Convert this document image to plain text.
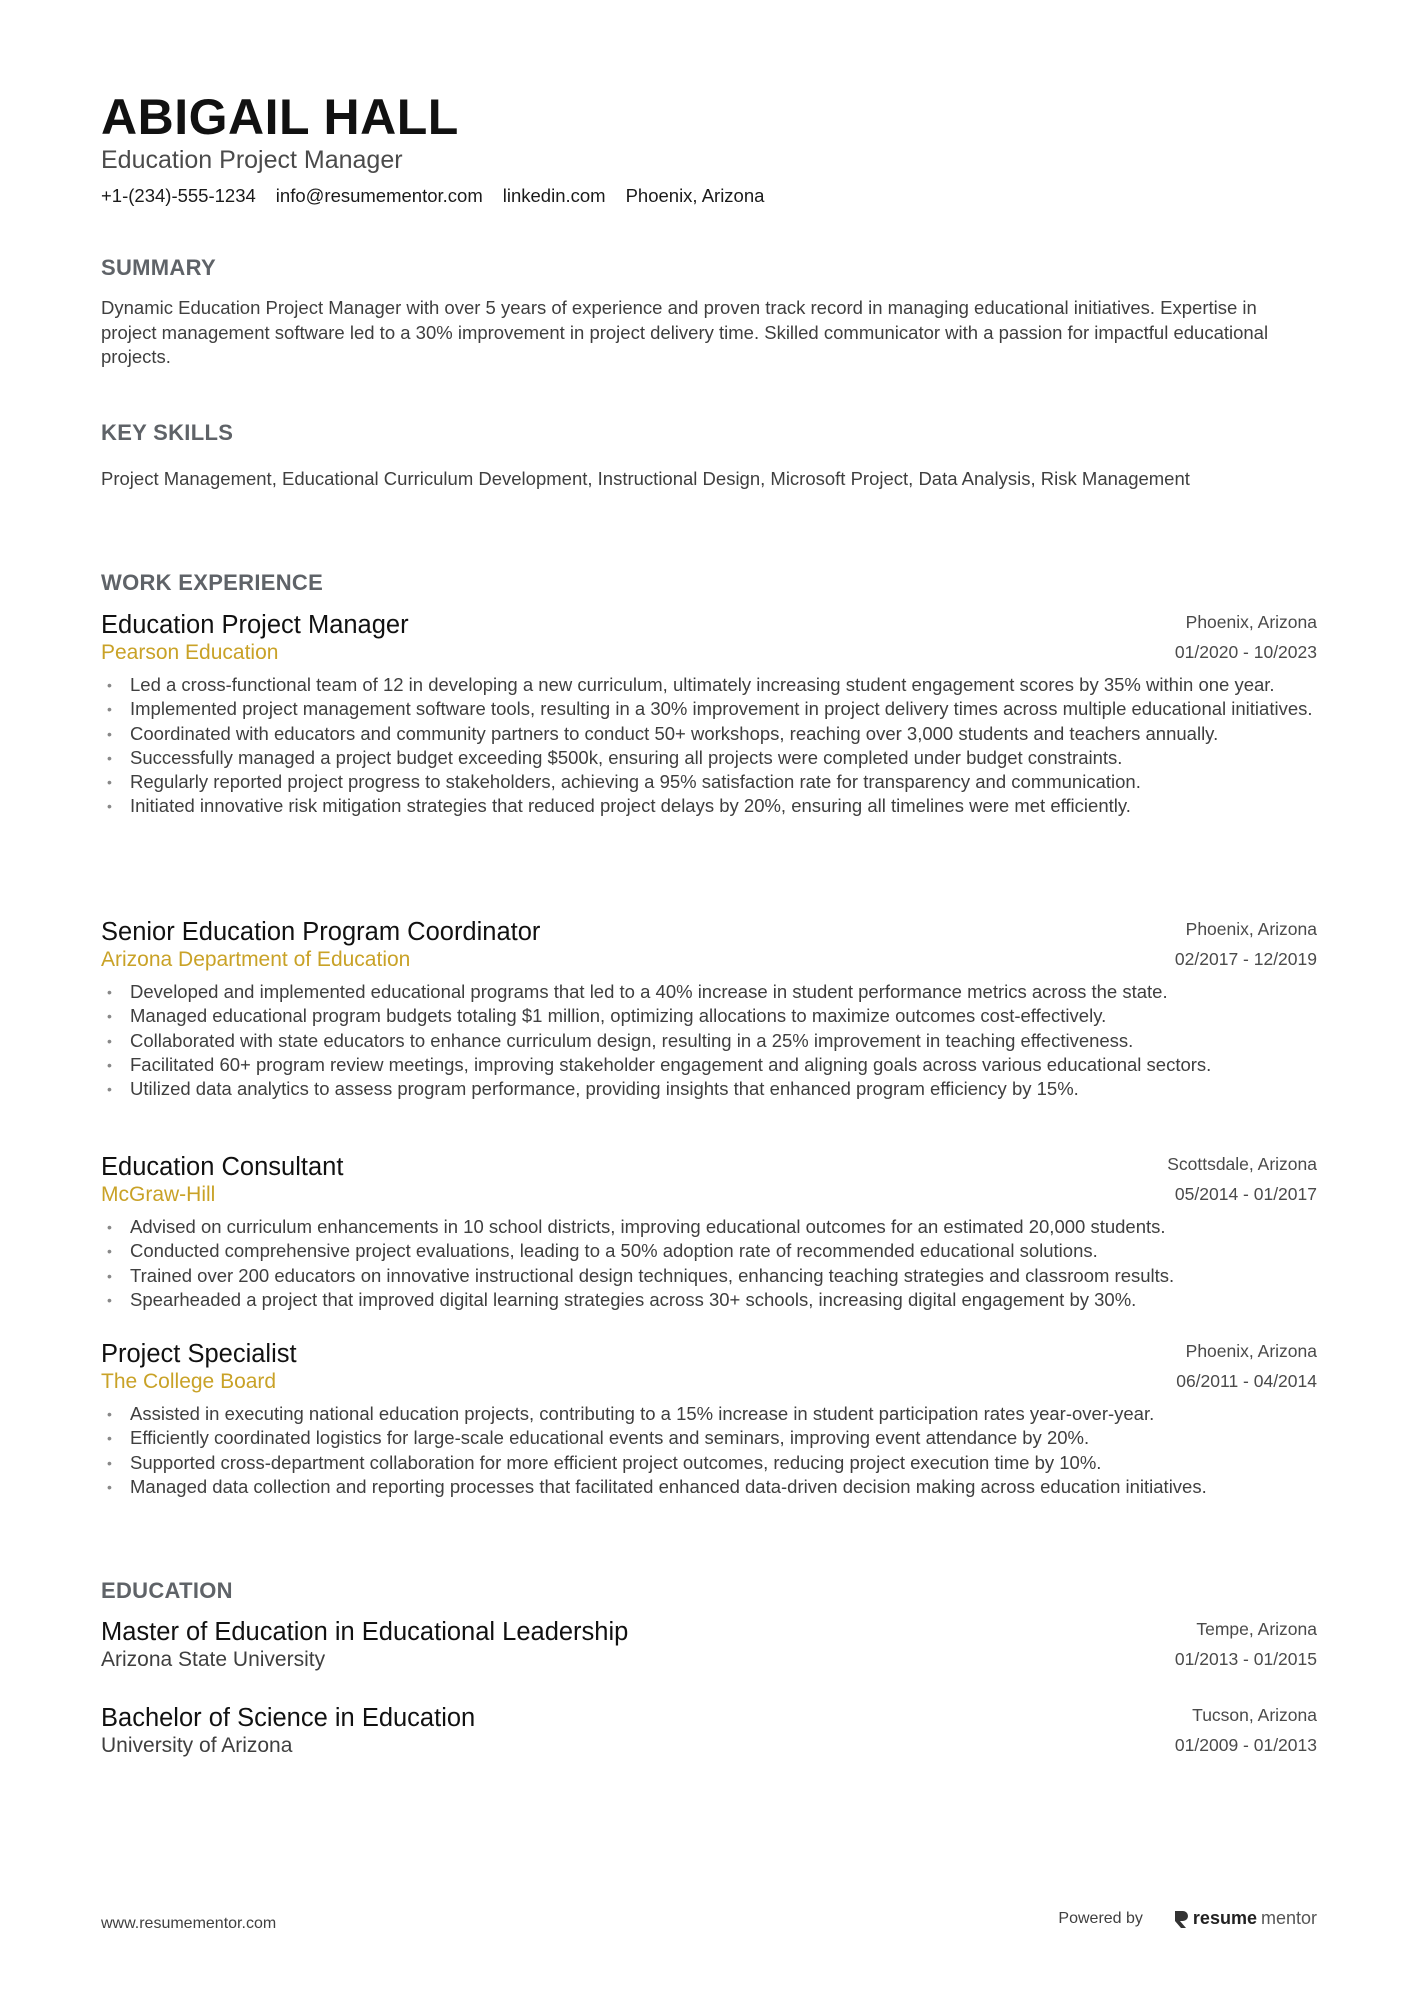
ABIGAIL HALL
Education Project Manager
+1-(234)-555-1234 info@resumementor.com linkedin.com Phoenix, Arizona
SUMMARY
Dynamic Education Project Manager with over 5 years of experience and proven track record in managing educational initiatives. Expertise in project management software led to a 30% improvement in project delivery time. Skilled communicator with a passion for impactful educational projects.
KEY SKILLS
Project Management, Educational Curriculum Development, Instructional Design, Microsoft Project, Data Analysis, Risk Management
WORK EXPERIENCE
Education Project Manager	Phoenix, Arizona
Pearson Education	01/2020 - 10/2023
• Led a cross-functional team of 12 in developing a new curriculum, ultimately increasing student engagement scores by 35% within one year.
• Implemented project management software tools, resulting in a 30% improvement in project delivery times across multiple educational initiatives.
• Coordinated with educators and community partners to conduct 50+ workshops, reaching over 3,000 students and teachers annually.
• Successfully managed a project budget exceeding $500k, ensuring all projects were completed under budget constraints.
• Regularly reported project progress to stakeholders, achieving a 95% satisfaction rate for transparency and communication.
• Initiated innovative risk mitigation strategies that reduced project delays by 20%, ensuring all timelines were met efficiently.
Senior Education Program Coordinator	Phoenix, Arizona
Arizona Department of Education	02/2017 - 12/2019
• Developed and implemented educational programs that led to a 40% increase in student performance metrics across the state.
• Managed educational program budgets totaling $1 million, optimizing allocations to maximize outcomes cost-effectively.
• Collaborated with state educators to enhance curriculum design, resulting in a 25% improvement in teaching effectiveness.
• Facilitated 60+ program review meetings, improving stakeholder engagement and aligning goals across various educational sectors.
• Utilized data analytics to assess program performance, providing insights that enhanced program efficiency by 15%.
Education Consultant	Scottsdale, Arizona
McGraw-Hill	05/2014 - 01/2017
• Advised on curriculum enhancements in 10 school districts, improving educational outcomes for an estimated 20,000 students.
• Conducted comprehensive project evaluations, leading to a 50% adoption rate of recommended educational solutions.
• Trained over 200 educators on innovative instructional design techniques, enhancing teaching strategies and classroom results.
• Spearheaded a project that improved digital learning strategies across 30+ schools, increasing digital engagement by 30%.
Project Specialist	Phoenix, Arizona
The College Board	06/2011 - 04/2014
• Assisted in executing national education projects, contributing to a 15% increase in student participation rates year-over-year.
• Efficiently coordinated logistics for large-scale educational events and seminars, improving event attendance by 20%.
• Supported cross-department collaboration for more efficient project outcomes, reducing project execution time by 10%.
• Managed data collection and reporting processes that facilitated enhanced data-driven decision making across education initiatives.
EDUCATION
Master of Education in Educational Leadership	Tempe, Arizona
Arizona State University	01/2013 - 01/2015
Bachelor of Science in Education	Tucson, Arizona
University of Arizona	01/2009 - 01/2013
www.resumementor.com	Powered by	resume mentor
